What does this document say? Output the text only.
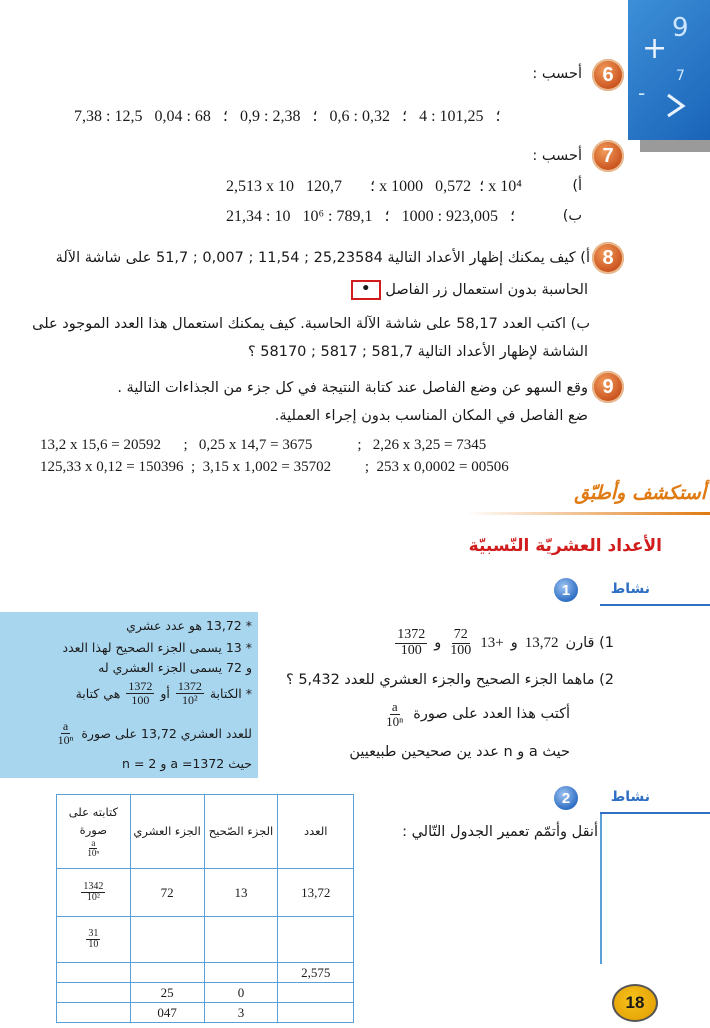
9
+
7
-
6
أحسب :
7,38 : 12,5   ؛   101,25 : 4   ؛   0,32 : 0,6   ؛   2,38 : 0,9   ؛   68 : 0,04
7
أحسب :
أ)
2,513 x 10   ؛       120,7 x 1000   ؛  0,572 x 10⁴
ب)
21,34 : 10   ؛   923,005 : 1000   ؛   789,1 : 10⁶
8
أ) كيف يمكنك إظهار الأعداد التالية 25,23584 ; 11,54 ; 0,007 ; 51,7 على شاشة الآلة
الحاسبة بدون استعمال زر الفاصل •
ب) اكتب العدد 58,17 على شاشة الآلة الحاسبة. كيف يمكنك استعمال هذا العدد الموجود على
الشاشة لإظهار الأعداد التالية 581,7 ; 5817 ; 58170 ؟
9
وقع السهو عن وضع الفاصل عند كتابة النتيجة في كل جزء من الجذاءات التالية .
ضع الفاصل في المكان المناسب بدون إجراء العملية.
13,2 x 15,6 = 20592      ;   0,25 x 14,7 = 3675            ;   2,26 x 3,25 = 7345
125,33 x 0,12 = 150396  ;  3,15 x 1,002 = 35702         ;  253 x 0,0002 = 00506
أستكشف وأطبّق
الأعداد العشريّة النّسبيّة
1	نشاط
* 13,72 هو عدد عشري
* 13 يسمى الجزء الصحيح لهذا العدد
و 72 يسمى الجزء العشري له
* الكتابة
$\frac{1372}{\text{10²}}$
أو
$\frac{1372}{100}$
هي كتابة
للعدد العشري 13,72 على صورة
$\frac{a}{\text{10ⁿ}}$
حيث a =1372 و n = 2
1) قارن
13,72
و
13+
$\frac{72}{100}$
و
$\frac{1372}{100}$
2) ماهما الجزء الصحيح والجزء العشري للعدد 5,432 ؟
أكتب هذا العدد على صورة
$\frac{a}{\text{10ⁿ}}$
حيث a و n عدد ين صحيحين طبيعيين
2	نشاط
أنقل وأتمّم تعمير الجدول التّالي :
العدد	الجزء الصّحيح	الجزء العشري	كتابته على صورة
$\frac{a}{\text{10ⁿ}}$

13,72	13	72	$\frac{1342}{\text{10²}}$

			$\frac{31}{10}$

2,575			
	0	25	
	3	047		18
